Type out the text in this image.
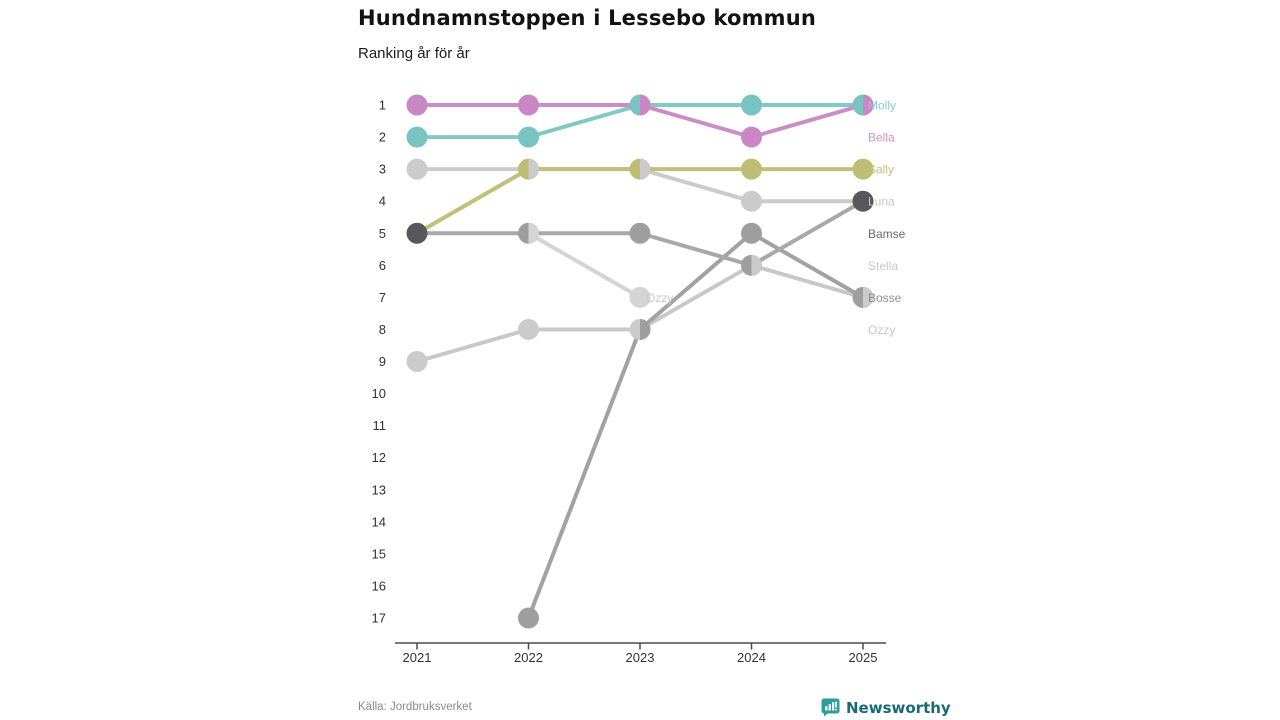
Hundnamnstoppen i Lessebo kommun
Ranking år för år
2021	2022	2023	2024	2025
1
2
3
4
5
6
7
8
9
10
11
12
13
14
15
16
17
Molly
Bella
Sally
Luna
Bamse
Stella
Bosse
Ozzy
Ozzy
Källa: Jordbruksverket	Newsworthy
